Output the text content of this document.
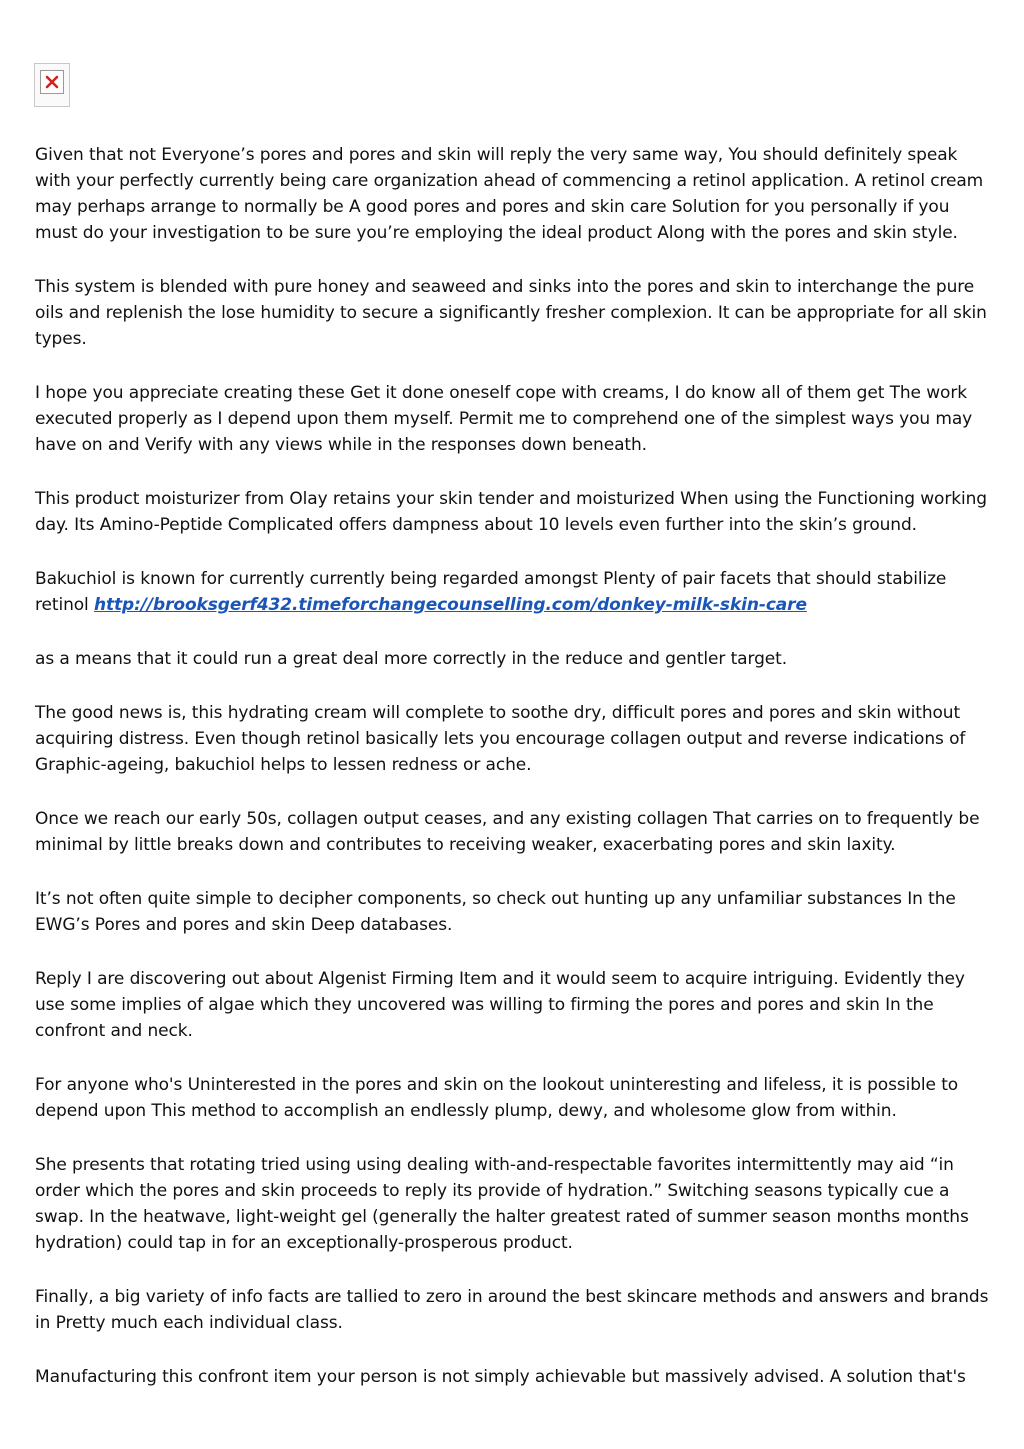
Given that not Everyone’s pores and pores and skin will reply the very same way, You should definitely speak with your perfectly currently being care organization ahead of commencing a retinol application. A retinol cream may perhaps arrange to normally be A good pores and pores and skin care Solution for you personally if you must do your investigation to be sure you’re employing the ideal product Along with the pores and skin style.

This system is blended with pure honey and seaweed and sinks into the pores and skin to interchange the pure oils and replenish the lose humidity to secure a significantly fresher complexion. It can be appropriate for all skin types.

I hope you appreciate creating these Get it done oneself cope with creams, I do know all of them get The work executed properly as I depend upon them myself. Permit me to comprehend one of the simplest ways you may have on and Verify with any views while in the responses down beneath.

This product moisturizer from Olay retains your skin tender and moisturized When using the Functioning working day. Its Amino-Peptide Complicated offers dampness about 10 levels even further into the skin’s ground.

Bakuchiol is known for currently currently being regarded amongst Plenty of pair facets that should stabilize retinol http://brooksgerf432.timeforchangecounselling.com/donkey-milk-skin-care

as a means that it could run a great deal more correctly in the reduce and gentler target.

The good news is, this hydrating cream will complete to soothe dry, difficult pores and pores and skin without acquiring distress. Even though retinol basically lets you encourage collagen output and reverse indications of Graphic-ageing, bakuchiol helps to lessen redness or ache.

Once we reach our early 50s, collagen output ceases, and any existing collagen That carries on to frequently be minimal by little breaks down and contributes to receiving weaker, exacerbating pores and skin laxity.

It’s not often quite simple to decipher components, so check out hunting up any unfamiliar substances In the EWG’s Pores and pores and skin Deep databases.

Reply I are discovering out about Algenist Firming Item and it would seem to acquire intriguing. Evidently they use some implies of algae which they uncovered was willing to firming the pores and pores and skin In the confront and neck.

For anyone who's Uninterested in the pores and skin on the lookout uninteresting and lifeless, it is possible to depend upon This method to accomplish an endlessly plump, dewy, and wholesome glow from within.

She presents that rotating tried using using dealing with-and-respectable favorites intermittently may aid “in order which the pores and skin proceeds to reply its provide of hydration.” Switching seasons typically cue a swap. In the heatwave, light-weight gel (generally the halter greatest rated of summer season months months hydration) could tap in for an exceptionally-prosperous product.

Finally, a big variety of info facts are tallied to zero in around the best skincare methods and answers and brands in Pretty much each individual class.

Manufacturing this confront item your person is not simply achievable but massively advised. A solution that's
